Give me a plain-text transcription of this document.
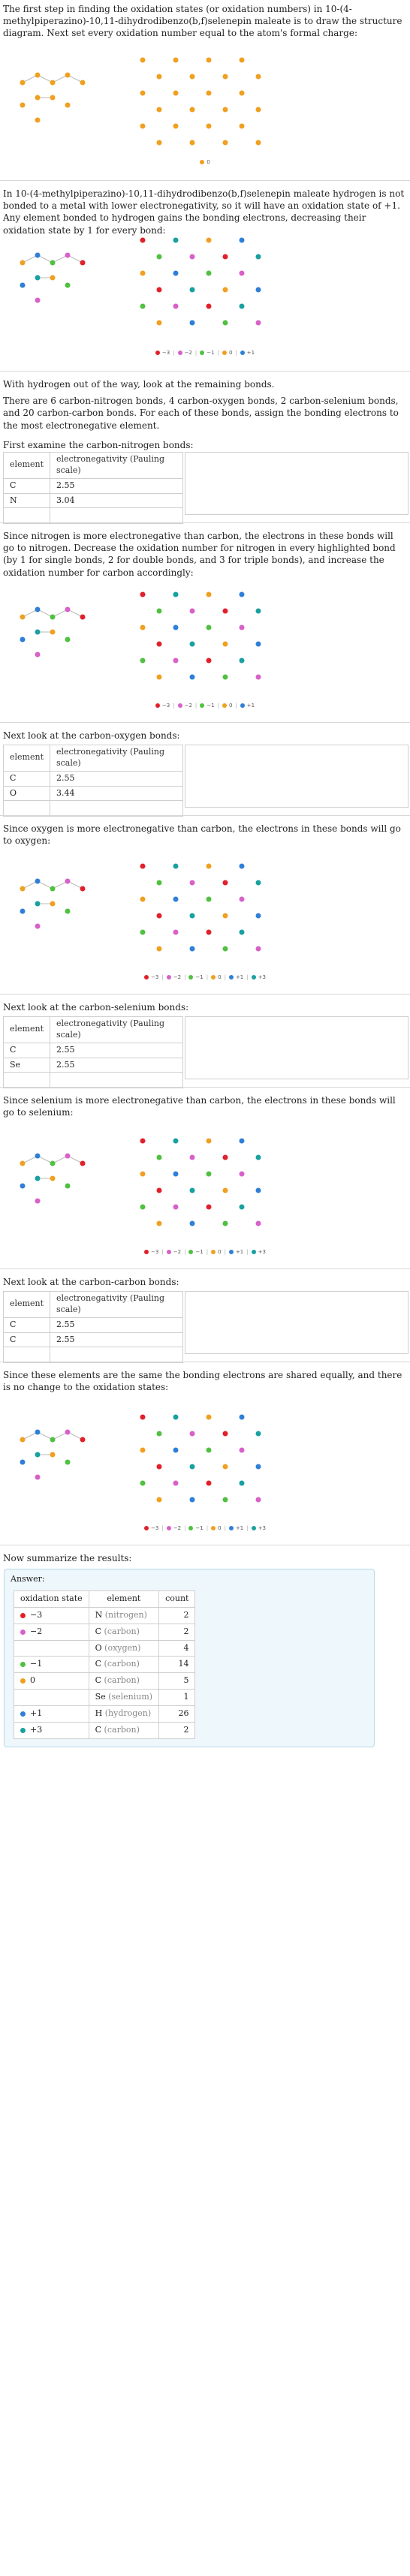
The first step in finding the oxidation states (or oxidation numbers) in 10-(4-methylpiperazino)-10,11-dihydrodibenzo(b,f)selenepin maleate is to draw the structure diagram. Next set every oxidation number equal to the atom's formal charge:

0

In 10-(4-methylpiperazino)-10,11-dihydrodibenzo(b,f)selenepin maleate hydrogen is not bonded to a metal with lower electronegativity, so it will have an oxidation state of +1. Any element bonded to hydrogen gains the bonding electrons, decreasing their oxidation state by 1 for every bond:

−3 | −2 | −1 | 0 | +1

With hydrogen out of the way, look at the remaining bonds.

There are 6 carbon-nitrogen bonds, 4 carbon-oxygen bonds, 2 carbon-selenium bonds, and 20 carbon-carbon bonds. For each of these bonds, assign the bonding electrons to the most electronegative element.

First examine the carbon-nitrogen bonds:

element	electronegativity (Pauling scale)
C	2.55
N	3.04

Since nitrogen is more electronegative than carbon, the electrons in these bonds will go to nitrogen. Decrease the oxidation number for nitrogen in every highlighted bond (by 1 for single bonds, 2 for double bonds, and 3 for triple bonds), and increase the oxidation number for carbon accordingly:

−3 | −2 | −1 | 0 | +1

Next look at the carbon-oxygen bonds:

element	electronegativity (Pauling scale)
C	2.55
O	3.44

Since oxygen is more electronegative than carbon, the electrons in these bonds will go to oxygen:

−3 | −2 | −1 | 0 | +1 | +3

Next look at the carbon-selenium bonds:

element	electronegativity (Pauling scale)
C	2.55
Se	2.55

Since selenium is more electronegative than carbon, the electrons in these bonds will go to selenium:

−3 | −2 | −1 | 0 | +1 | +3

Next look at the carbon-carbon bonds:

element	electronegativity (Pauling scale)
C	2.55
C	2.55

Since these elements are the same the bonding electrons are shared equally, and there is no change to the oxidation states:

−3 | −2 | −1 | 0 | +1 | +3

Now summarize the results:

Answer:
oxidation state	element	count
−3	N (nitrogen)	2
−2	C (carbon)	2
	O (oxygen)	4
−1	C (carbon)	14
0	C (carbon)	5
	Se (selenium)	1
+1	H (hydrogen)	26
+3	C (carbon)	2
